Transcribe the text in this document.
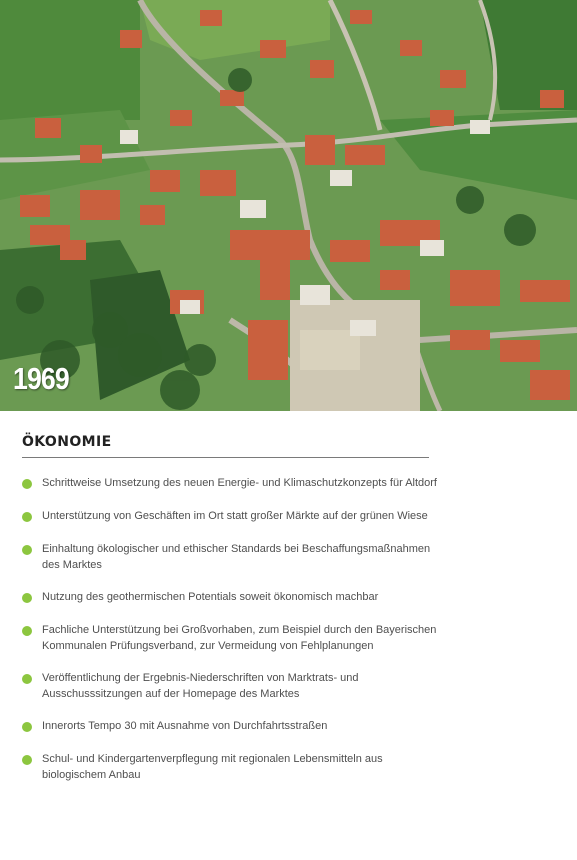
1969
ÖKONOMIE
Schrittweise Umsetzung des neuen Energie- und Klimaschutzkonzepts für Altdorf
Unterstützung von Geschäften im Ort statt großer Märkte auf der grünen Wiese
Einhaltung ökologischer und ethischer Standards bei Beschaffungsmaßnahmen
des Marktes
Nutzung des geothermischen Potentials soweit ökonomisch machbar
Fachliche Unterstützung bei Großvorhaben, zum Beispiel durch den Bayerischen
Kommunalen Prüfungsverband, zur Vermeidung von Fehlplanungen
Veröffentlichung der Ergebnis-Niederschriften von Marktrats- und
Ausschusssitzungen auf der Homepage des Marktes
Innerorts Tempo 30 mit Ausnahme von Durchfahrtsstraßen
Schul- und Kindergartenverpflegung mit regionalen Lebensmitteln aus
biologischem Anbau
